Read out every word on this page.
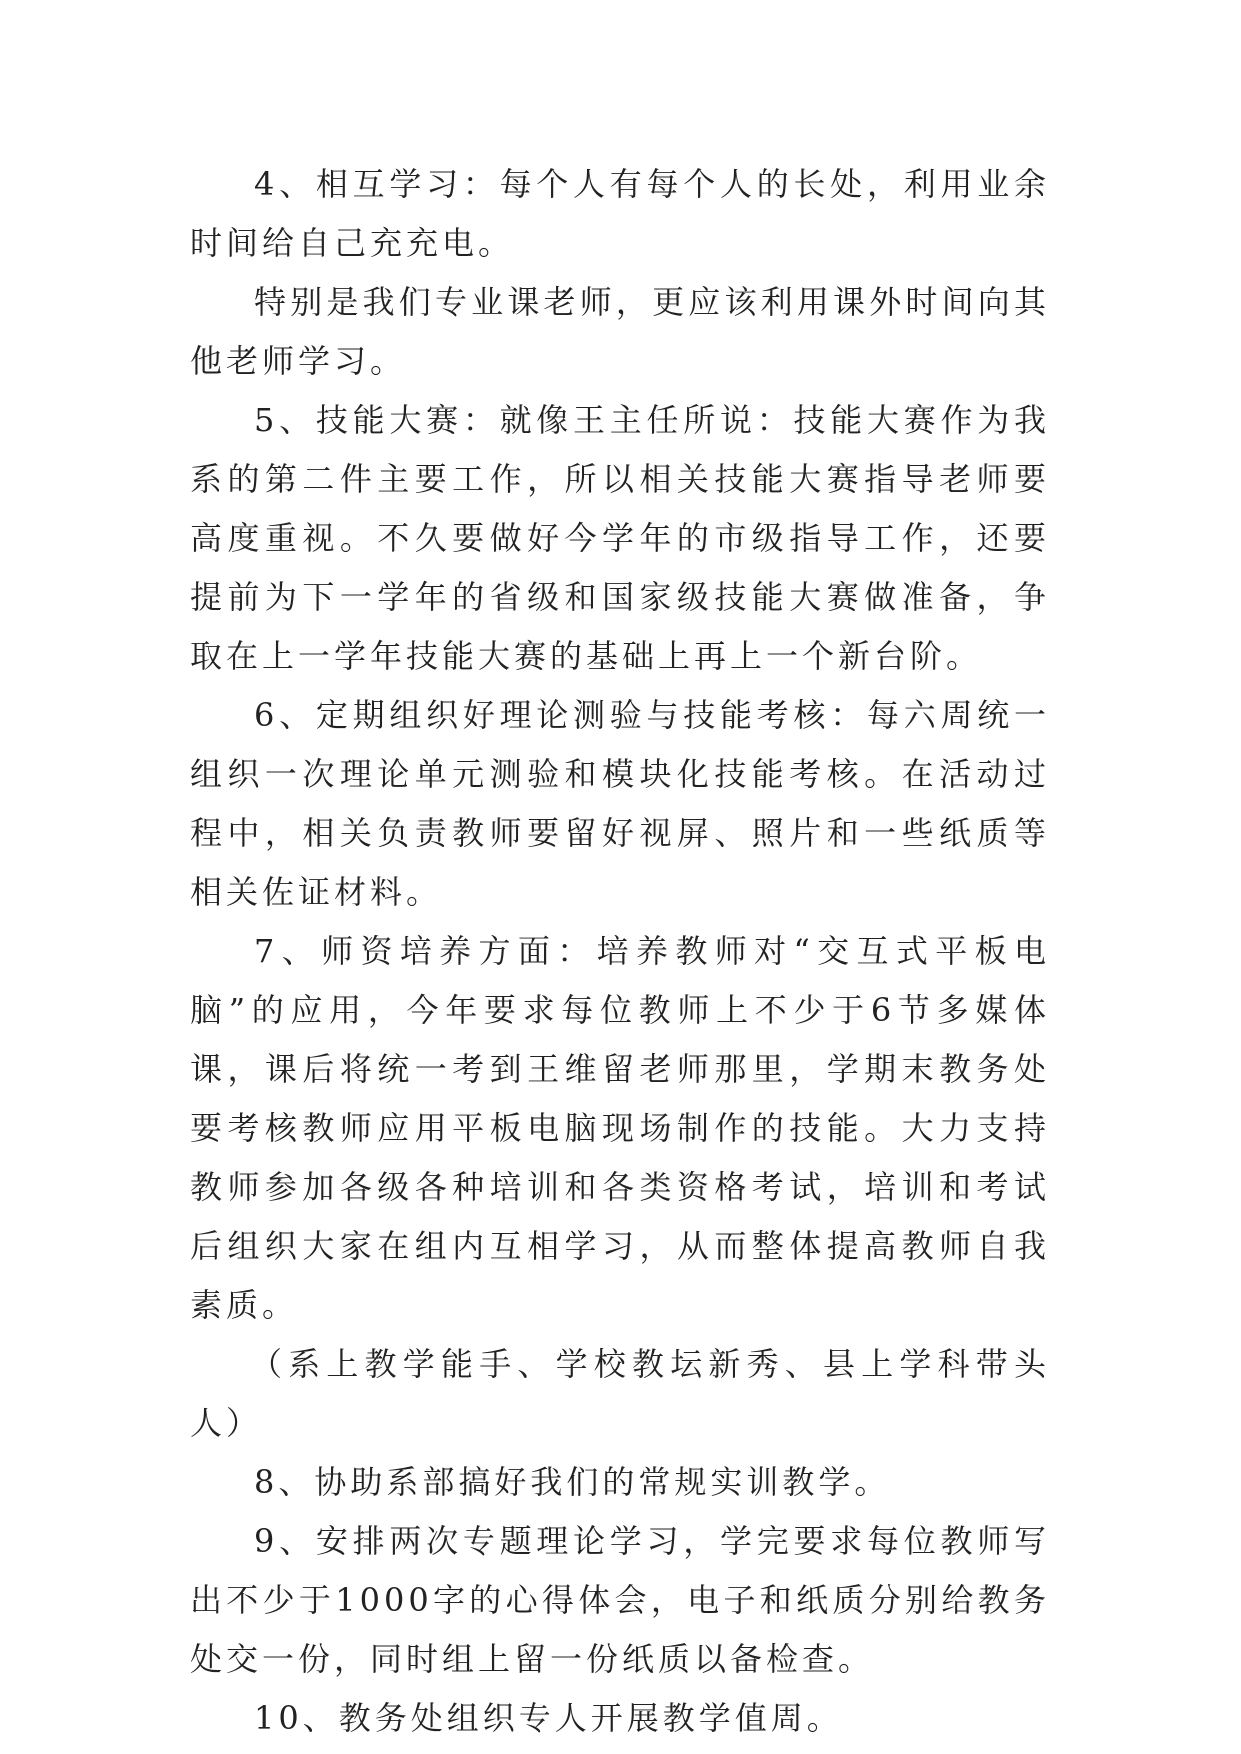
4、相互学习：每个人有每个人的长处，利用业余时间给自己充充电。

特别是我们专业课老师，更应该利用课外时间向其他老师学习。

5、技能大赛：就像王主任所说：技能大赛作为我系的第二件主要工作，所以相关技能大赛指导老师要高度重视。不久要做好今学年的市级指导工作，还要提前为下一学年的省级和国家级技能大赛做准备，争取在上一学年技能大赛的基础上再上一个新台阶。

6、定期组织好理论测验与技能考核：每六周统一组织一次理论单元测验和模块化技能考核。在活动过程中，相关负责教师要留好视屏、照片和一些纸质等相关佐证材料。

7、师资培养方面：培养教师对“交互式平板电脑”的应用，今年要求每位教师上不少于6节多媒体课，课后将统一考到王维留老师那里，学期末教务处要考核教师应用平板电脑现场制作的技能。大力支持教师参加各级各种培训和各类资格考试，培训和考试后组织大家在组内互相学习，从而整体提高教师自我素质。

（系上教学能手、学校教坛新秀、县上学科带头人）

8、协助系部搞好我们的常规实训教学。

9、安排两次专题理论学习，学完要求每位教师写出不少于1000字的心得体会，电子和纸质分别给教务处交一份，同时组上留一份纸质以备检查。

10、教务处组织专人开展教学值周。
